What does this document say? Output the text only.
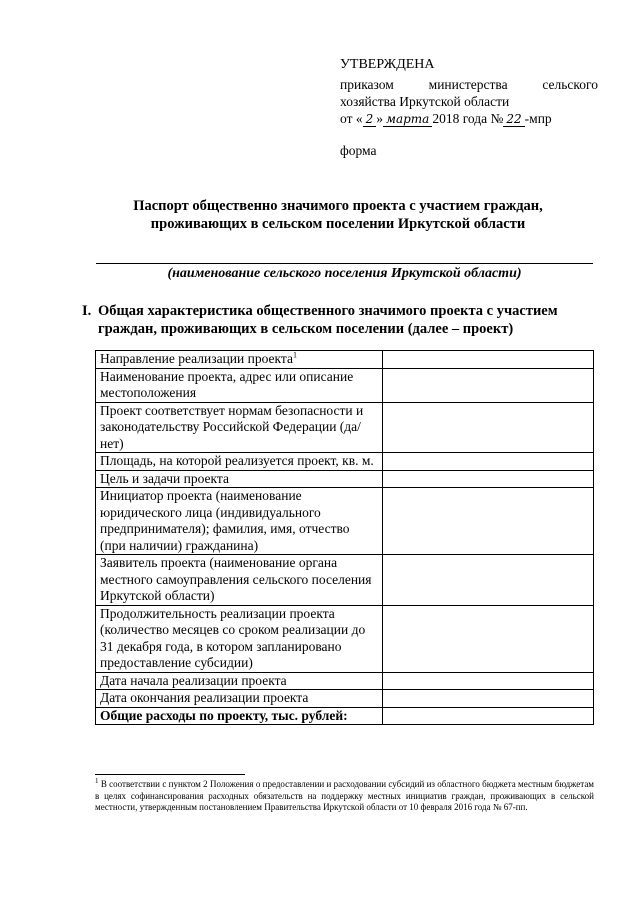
УТВЕРЖДЕНА
приказом министерства сельского
хозяйства Иркутской области
от « 2 » марта 2018 года № 22 -мпр
форма
Паспорт общественно значимого проекта с участием граждан,
проживающих в сельском поселении Иркутской области
(наименование сельского поселения Иркутской области)
I. Общая характеристика общественного значимого проекта с участием
граждан, проживающих в сельском поселении (далее – проект)
Направление реализации проекта$^1$	
Наименование проекта, адрес или описание местоположения	
Проект соответствует нормам безопасности и законодательству Российской Федерации (да/нет)	
Площадь, на которой реализуется проект, кв. м.	
Цель и задачи проекта	
Инициатор проекта (наименование юридического лица (индивидуального предпринимателя); фамилия, имя, отчество (при наличии) гражданина)	
Заявитель проекта (наименование органа местного самоуправления сельского поселения Иркутской области)	
Продолжительность реализации проекта (количество месяцев со сроком реализации до 31 декабря года, в котором запланировано предоставление субсидии)	
Дата начала реализации проекта	
Дата окончания реализации проекта	
Общие расходы по проекту, тыс. рублей:	
$^1$ В соответствии с пунктом 2 Положения о предоставлении и расходовании субсидий из областного бюджета местным бюджетам в целях софинансирования расходных обязательств на поддержку местных инициатив граждан, проживающих в сельской местности, утвержденным постановлением Правительства Иркутской области от 10 февраля 2016 года № 67-пп.
